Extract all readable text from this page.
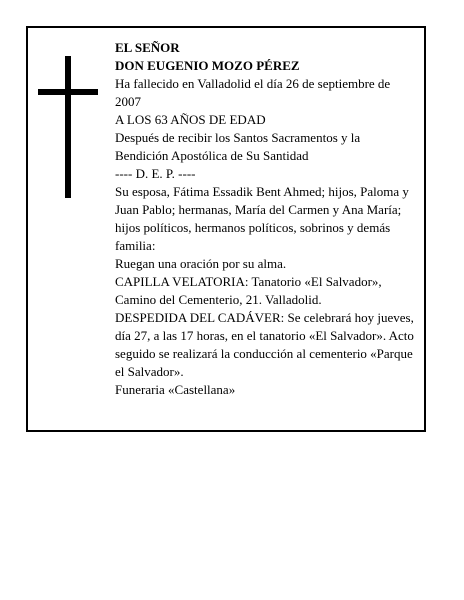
EL SEÑOR

DON EUGENIO MOZO PÉREZ

Ha fallecido en Valladolid el día 26 de septiembre de 2007

A LOS 63 AÑOS DE EDAD

Después de recibir los Santos Sacramentos y la Bendición Apostólica de Su Santidad

---- D. E. P. ----

Su esposa, Fátima Essadik Bent Ahmed; hijos, Paloma y Juan Pablo; hermanas, María del Carmen y Ana María; hijos políticos, hermanos políticos, sobrinos y demás familia:

Ruegan una oración por su alma.

CAPILLA VELATORIA: Tanatorio «El Salvador», Camino del Cementerio, 21. Valladolid.

DESPEDIDA DEL CADÁVER: Se celebrará hoy jueves, día 27, a las 17 horas, en el tanatorio «El Salvador». Acto seguido se realizará la conducción al cementerio «Parque el Salvador».

Funeraria «Castellana»
